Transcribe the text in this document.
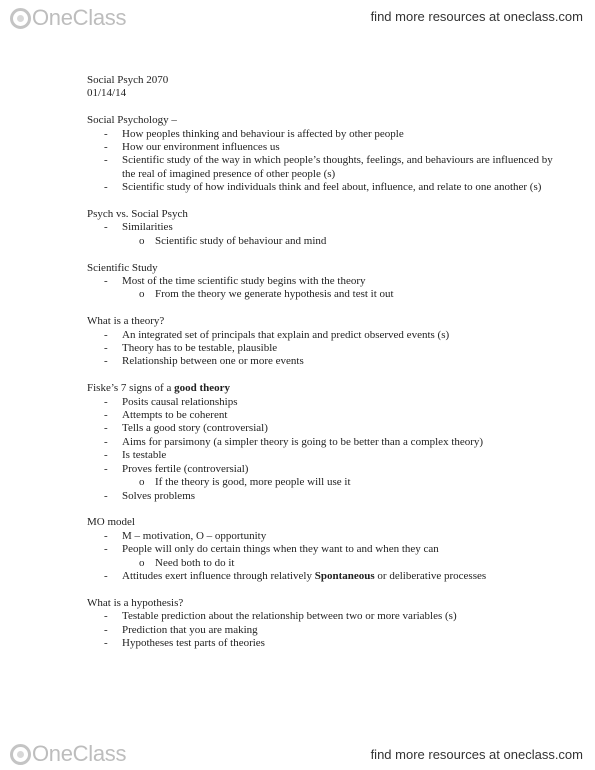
OneClass	find more resources at oneclass.com

Social Psych 2070

01/14/14

Social Psychology –

- How peoples thinking and behaviour is affected by other people
- How our environment influences us
- Scientific study of the way in which people’s thoughts, feelings, and behaviours are influenced by the real of imagined presence of other people (s)
- Scientific study of how individuals think and feel about, influence, and relate to one another (s)

Psych vs. Social Psych

- Similarities
o Scientific study of behaviour and mind

Scientific Study

- Most of the time scientific study begins with the theory
o From the theory we generate hypothesis and test it out

What is a theory?

- An integrated set of principals that explain and predict observed events (s)
- Theory has to be testable, plausible
- Relationship between one or more events

Fiske’s 7 signs of a good theory

- Posits causal relationships
- Attempts to be coherent
- Tells a good story (controversial)
- Aims for parsimony (a simpler theory is going to be better than a complex theory)
- Is testable
- Proves fertile (controversial)
o If the theory is good, more people will use it
- Solves problems

MO model

- M – motivation, O – opportunity
- People will only do certain things when they want to and when they can
o Need both to do it
- Attitudes exert influence through relatively Spontaneous or deliberative processes

What is a hypothesis?

- Testable prediction about the relationship between two or more variables (s)
- Prediction that you are making
- Hypotheses test parts of theories
OneClass	find more resources at oneclass.com
